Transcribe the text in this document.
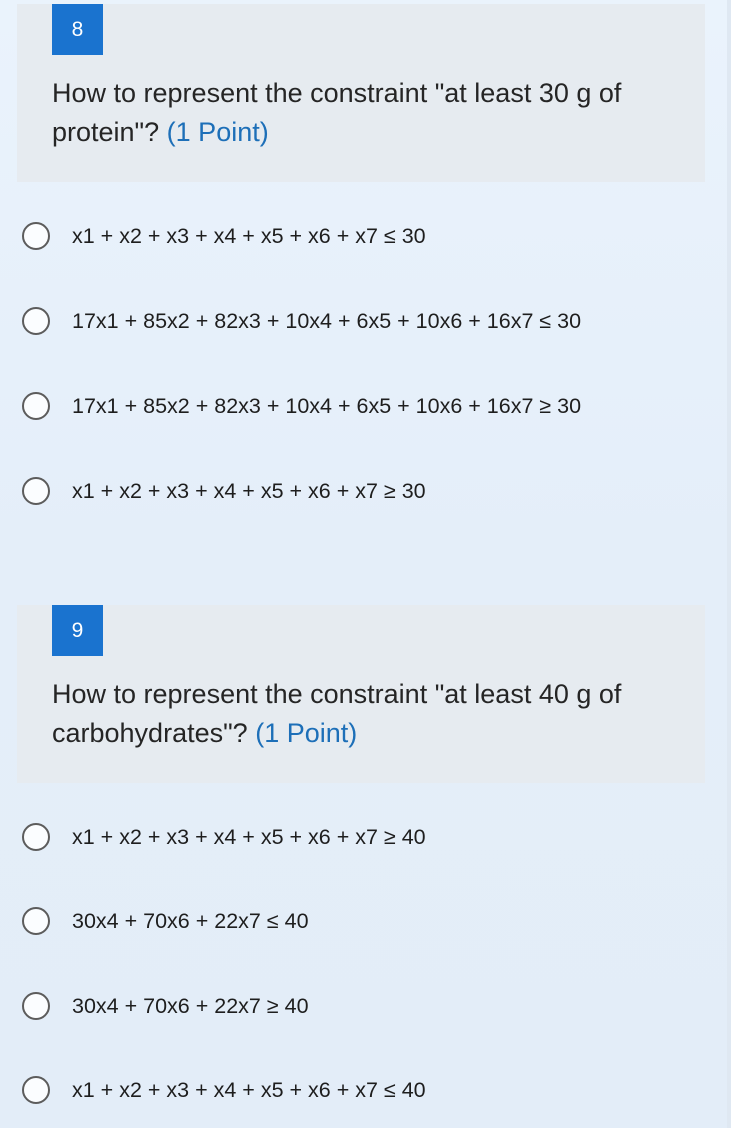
8
How to represent the constraint "at least 30 g of protein"? (1 Point)
x1 + x2 + x3 + x4 + x5 + x6 + x7 ≤ 30
17x1 + 85x2 + 82x3 + 10x4 + 6x5 + 10x6 + 16x7 ≤ 30
17x1 + 85x2 + 82x3 + 10x4 + 6x5 + 10x6 + 16x7 ≥ 30
x1 + x2 + x3 + x4 + x5 + x6 + x7 ≥ 30
9
How to represent the constraint "at least 40 g of carbohydrates"? (1 Point)
x1 + x2 + x3 + x4 + x5 + x6 + x7 ≥ 40
30x4 + 70x6 + 22x7 ≤ 40
30x4 + 70x6 + 22x7 ≥ 40
x1 + x2 + x3 + x4 + x5 + x6 + x7 ≤ 40
